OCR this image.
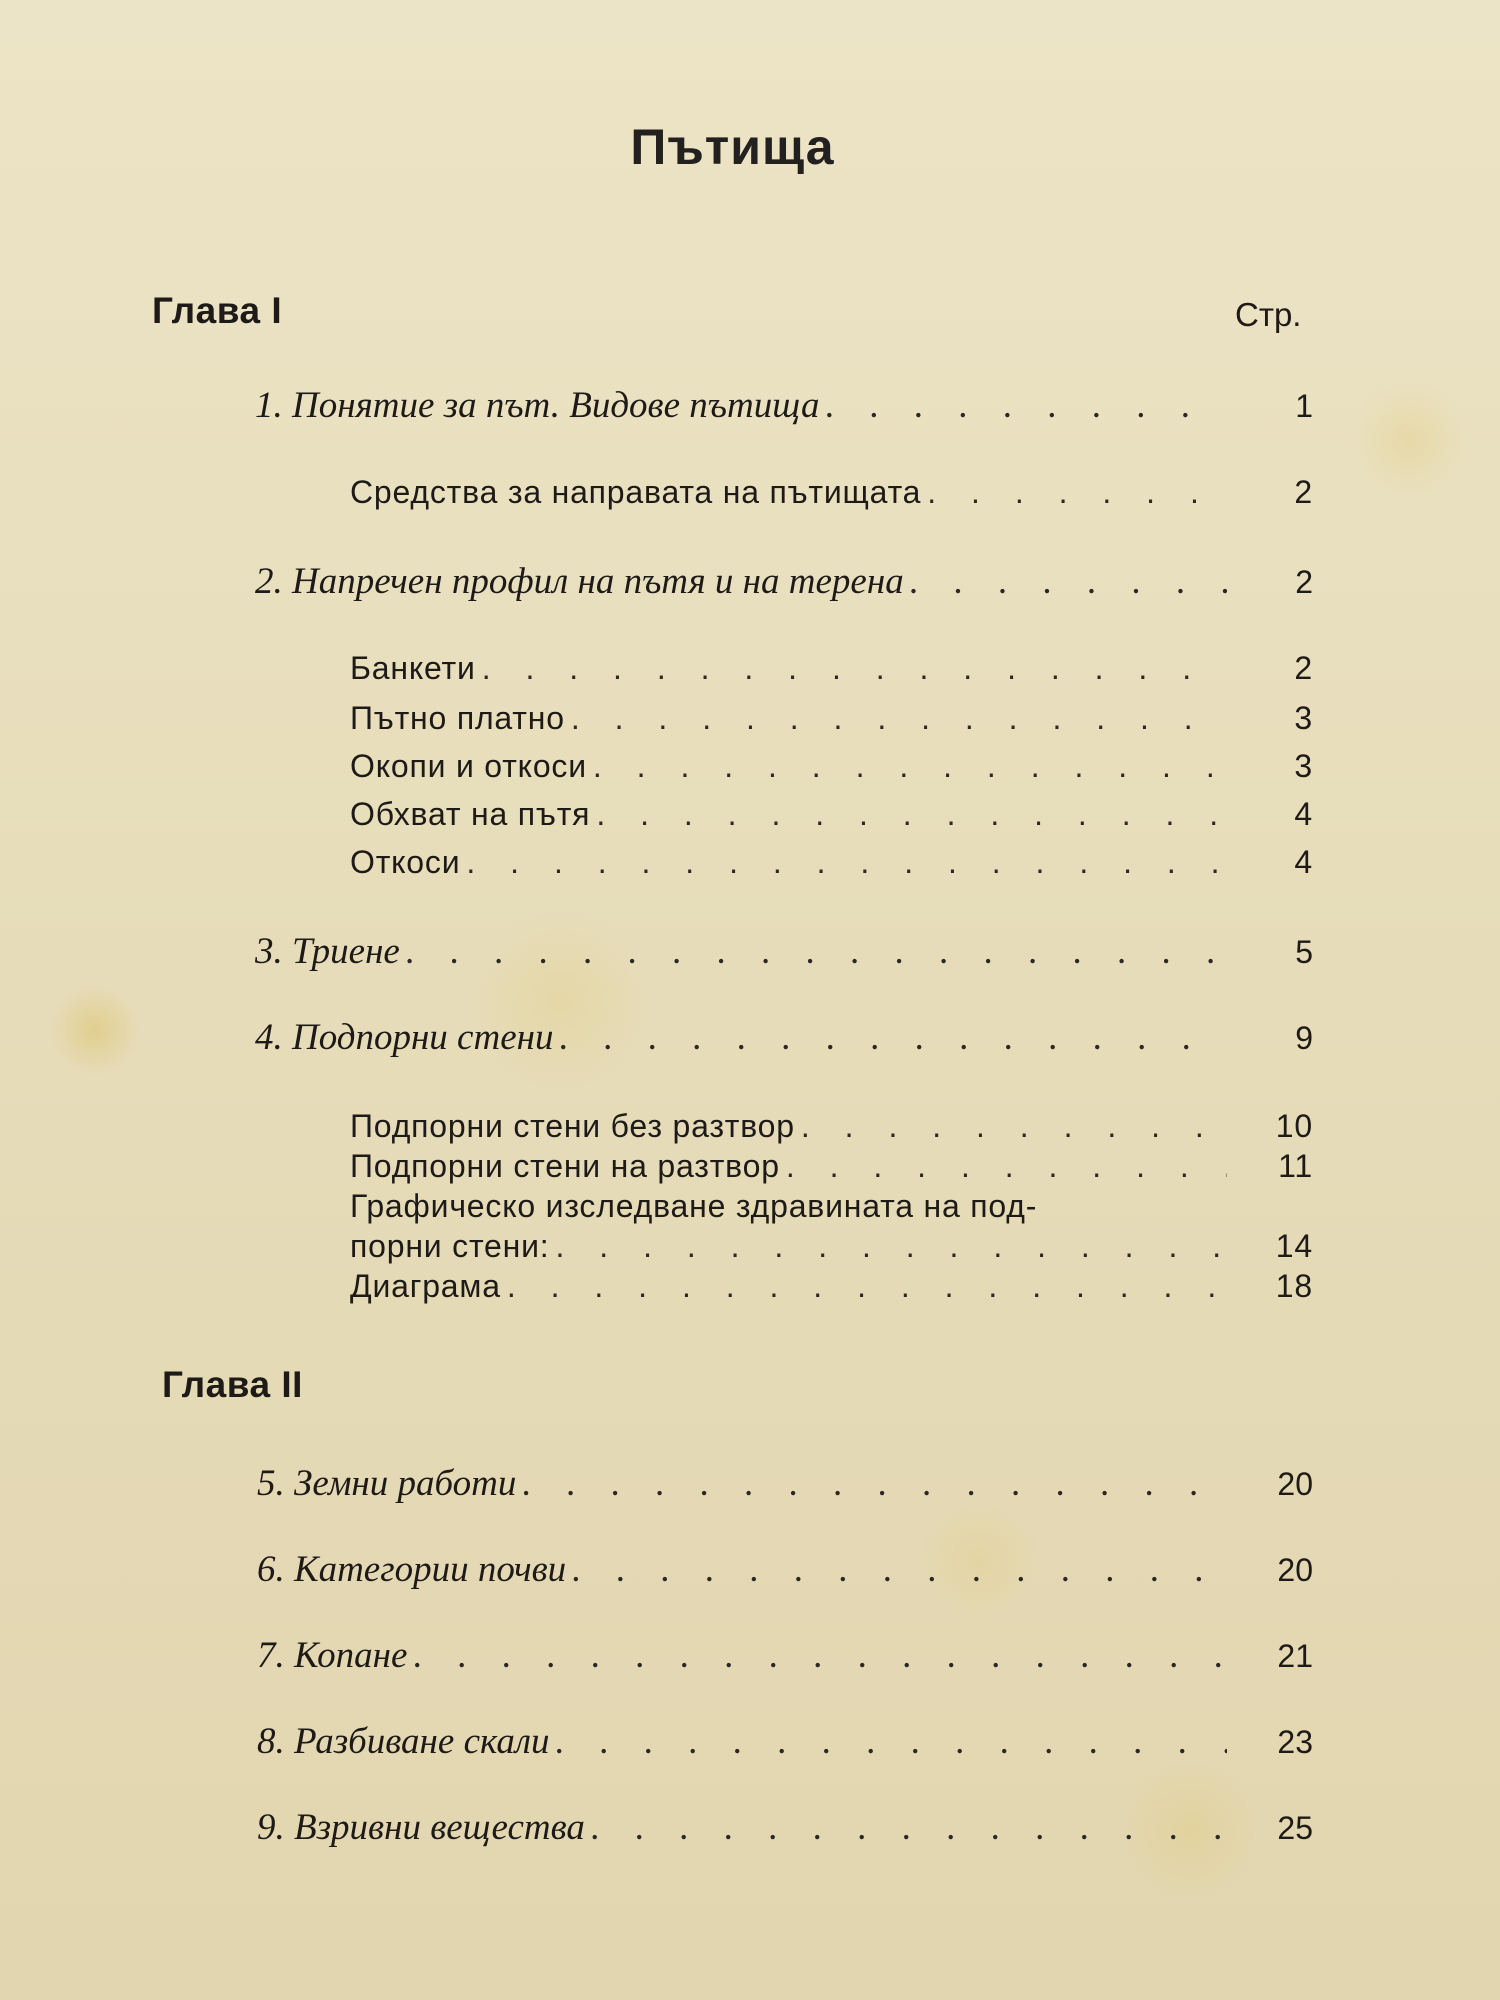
Пътища
Глава I	Стр.
1. Понятие за път. Видове пътища . . .	1
Средства за направата на пътищата . . .	2
2. Напречен профил на пътя и на терена . . .	2
Банкети . . .	2
Пътно платно . . .	3
Окопи и откоси . . .	3
Обхват на пътя . . .	4
Откоси . . .	4
3. Триене . . .	5
4. Подпорни стени . . .	9
Подпорни стени без разтвор . . .	10
Подпорни стени на разтвор . . .	11
Графическо изследване здравината на под-
порни стени: . . .	14
Диаграма . . .	18
Глава II
5. Земни работи . . .	20
6. Категории почви . . .	20
7. Копане . . .	21
8. Разбиване скали . . .	23
9. Взривни вещества . . .	25
